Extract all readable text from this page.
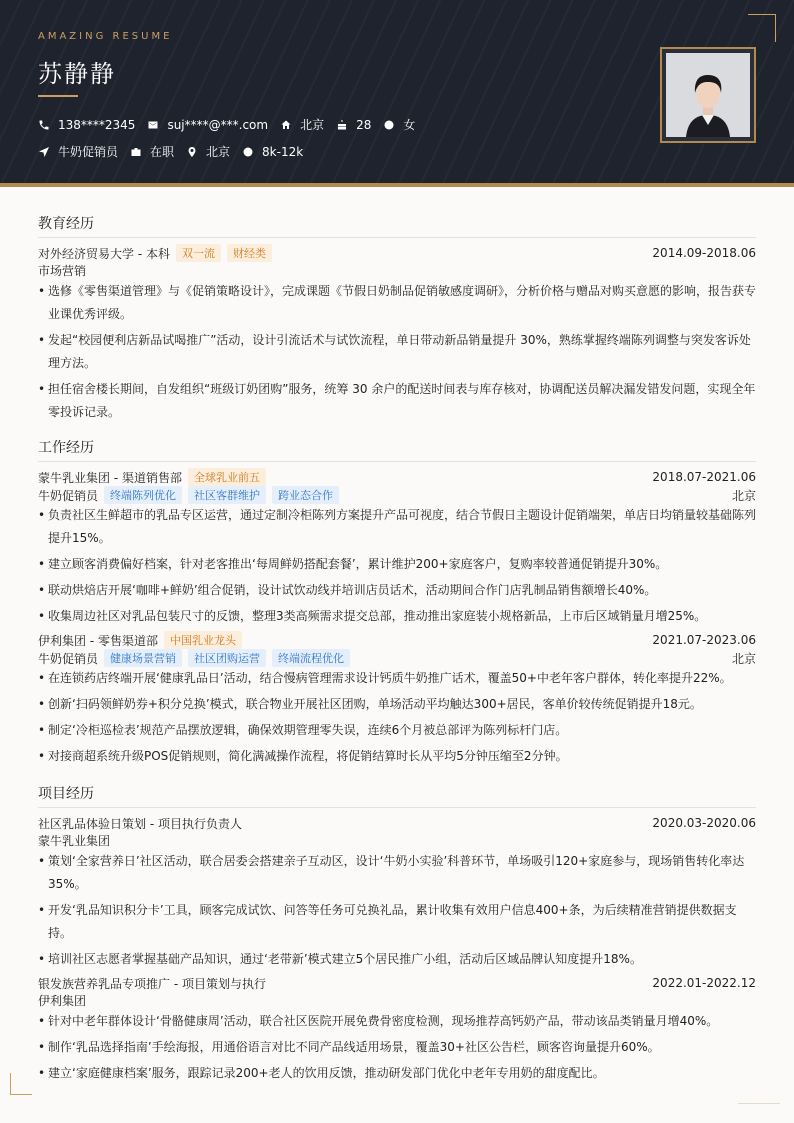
AMAZING RESUME
苏静静
138****2345	suj****@***.com	北京	28	女
牛奶促销员	在职	北京	8k-12k
教育经历
对外经济贸易大学 - 本科	双一流	财经类	2014.09-2018.06
市场营销
• 选修《零售渠道管理》与《促销策略设计》，完成课题《节假日奶制品促销敏感度调研》，分析价格与赠品对购买意愿的影响，报告获专业课优秀评级。
• 发起“校园便利店新品试喝推广”活动，设计引流话术与试饮流程，单日带动新品销量提升 30%，熟练掌握终端陈列调整与突发客诉处理方法。
• 担任宿舍楼长期间，自发组织“班级订奶团购”服务，统筹 30 余户的配送时间表与库存核对，协调配送员解决漏发错发问题，实现全年零投诉记录。
工作经历
蒙牛乳业集团 - 渠道销售部	全球乳业前五	2018.07-2021.06
牛奶促销员	终端陈列优化	社区客群维护	跨业态合作	北京
• 负责社区生鲜超市的乳品专区运营，通过定制冷柜陈列方案提升产品可视度，结合节假日主题设计促销端架，单店日均销量较基础陈列提升15%。
• 建立顾客消费偏好档案，针对老客推出‘每周鲜奶搭配套餐’，累计维护200+家庭客户，复购率较普通促销提升30%。
• 联动烘焙店开展‘咖啡+鲜奶’组合促销，设计试饮动线并培训店员话术，活动期间合作门店乳制品销售额增长40%。
• 收集周边社区对乳品包装尺寸的反馈，整理3类高频需求提交总部，推动推出家庭装小规格新品，上市后区域销量月增25%。
伊利集团 - 零售渠道部	中国乳业龙头	2021.07-2023.06
牛奶促销员	健康场景营销	社区团购运营	终端流程优化	北京
• 在连锁药店终端开展‘健康乳品日’活动，结合慢病管理需求设计钙质牛奶推广话术，覆盖50+中老年客户群体，转化率提升22%。
• 创新‘扫码领鲜奶券+积分兑换’模式，联合物业开展社区团购，单场活动平均触达300+居民，客单价较传统促销提升18元。
• 制定‘冷柜巡检表’规范产品摆放逻辑，确保效期管理零失误，连续6个月被总部评为陈列标杆门店。
• 对接商超系统升级POS促销规则，简化满减操作流程，将促销结算时长从平均5分钟压缩至2分钟。
项目经历
社区乳品体验日策划 - 项目执行负责人	2020.03-2020.06
蒙牛乳业集团
• 策划‘全家营养日’社区活动，联合居委会搭建亲子互动区，设计‘牛奶小实验’科普环节，单场吸引120+家庭参与，现场销售转化率达35%。
• 开发‘乳品知识积分卡’工具，顾客完成试饮、问答等任务可兑换礼品，累计收集有效用户信息400+条，为后续精准营销提供数据支持。
• 培训社区志愿者掌握基础产品知识，通过‘老带新’模式建立5个居民推广小组，活动后区域品牌认知度提升18%。
银发族营养乳品专项推广 - 项目策划与执行	2022.01-2022.12
伊利集团
• 针对中老年群体设计‘骨骼健康周’活动，联合社区医院开展免费骨密度检测，现场推荐高钙奶产品，带动该品类销量月增40%。
• 制作‘乳品选择指南’手绘海报，用通俗语言对比不同产品线适用场景，覆盖30+社区公告栏，顾客咨询量提升60%。
• 建立‘家庭健康档案’服务，跟踪记录200+老人的饮用反馈，推动研发部门优化中老年专用奶的甜度配比。
